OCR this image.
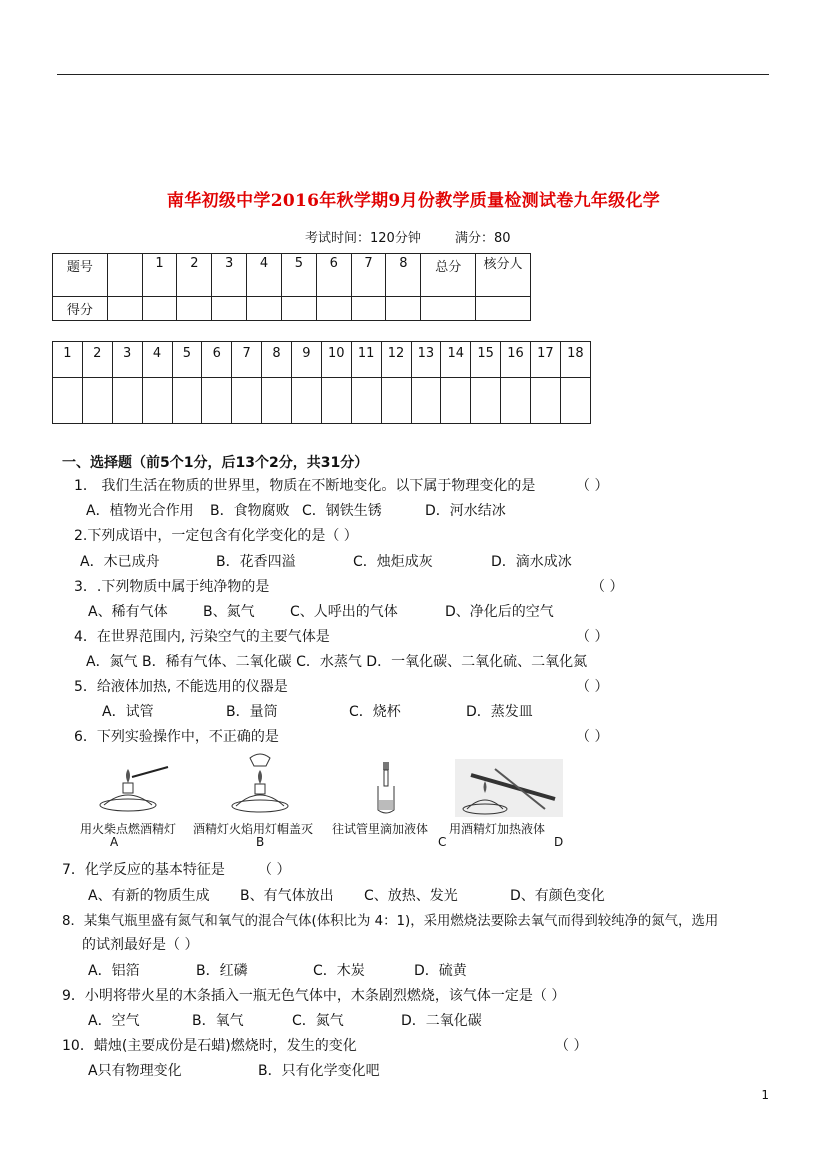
南华初级中学2016年秋学期9月份教学质量检测试卷九年级化学
考试时间：120分钟	满分：80
题号		1	2	3	4	5	6	7	8	总分	核分人
得分											
1	2	3	4	5	6	7	8	9	10	11	12	13	14	15	16	17	18

一、选择题（前5个1分，后13个2分，共31分）
1． 我们生活在物质的世界里，物质在不断地变化。以下属于物理变化的是	（ ）
A．植物光合作用 B．食物腐败 C．钢铁生锈	D．河水结冰
2.下列成语中，一定包含有化学变化的是（ ）
A．木已成舟	B．花香四溢	C．烛炬成灰	D．滴水成冰
3．.下列物质中属于纯净物的是	（ ）
A、稀有气体	B、氮气	C、人呼出的气体	D、净化后的空气
4．在世界范围内, 污染空气的主要气体是	（ ）
A．氮气 B．稀有气体、二氧化碳 C．水蒸气 D．一氧化碳、二氧化硫、二氧化氮
5．给液体加热, 不能选用的仪器是	（ ）
A．试管	B．量筒	C．烧杯	D．蒸发皿
6．下列实验操作中，不正确的是	（ ）
用火柴点燃酒精灯
A
酒精灯火焰用灯帽盖灭
B
往试管里滴加液体
C
用酒精灯加热液体
D
7．化学反应的基本特征是 （ ）
A、有新的物质生成 B、有气体放出 C、放热、发光	D、有颜色变化
8．某集气瓶里盛有氮气和氧气的混合气体(体积比为 4：1)，采用燃烧法要除去氧气而得到较纯净的氮气，选用
的试剂最好是（ ）
A．铝箔	B．红磷	C．木炭	D．硫黄
9．小明将带火星的木条插入一瓶无色气体中，木条剧烈燃烧，该气体一定是（ ）
A．空气	B．氧气	C．氮气	D．二氧化碳
10．蜡烛(主要成份是石蜡)燃烧时，发生的变化	（ ）
A只有物理变化	B．只有化学变化吧
1
